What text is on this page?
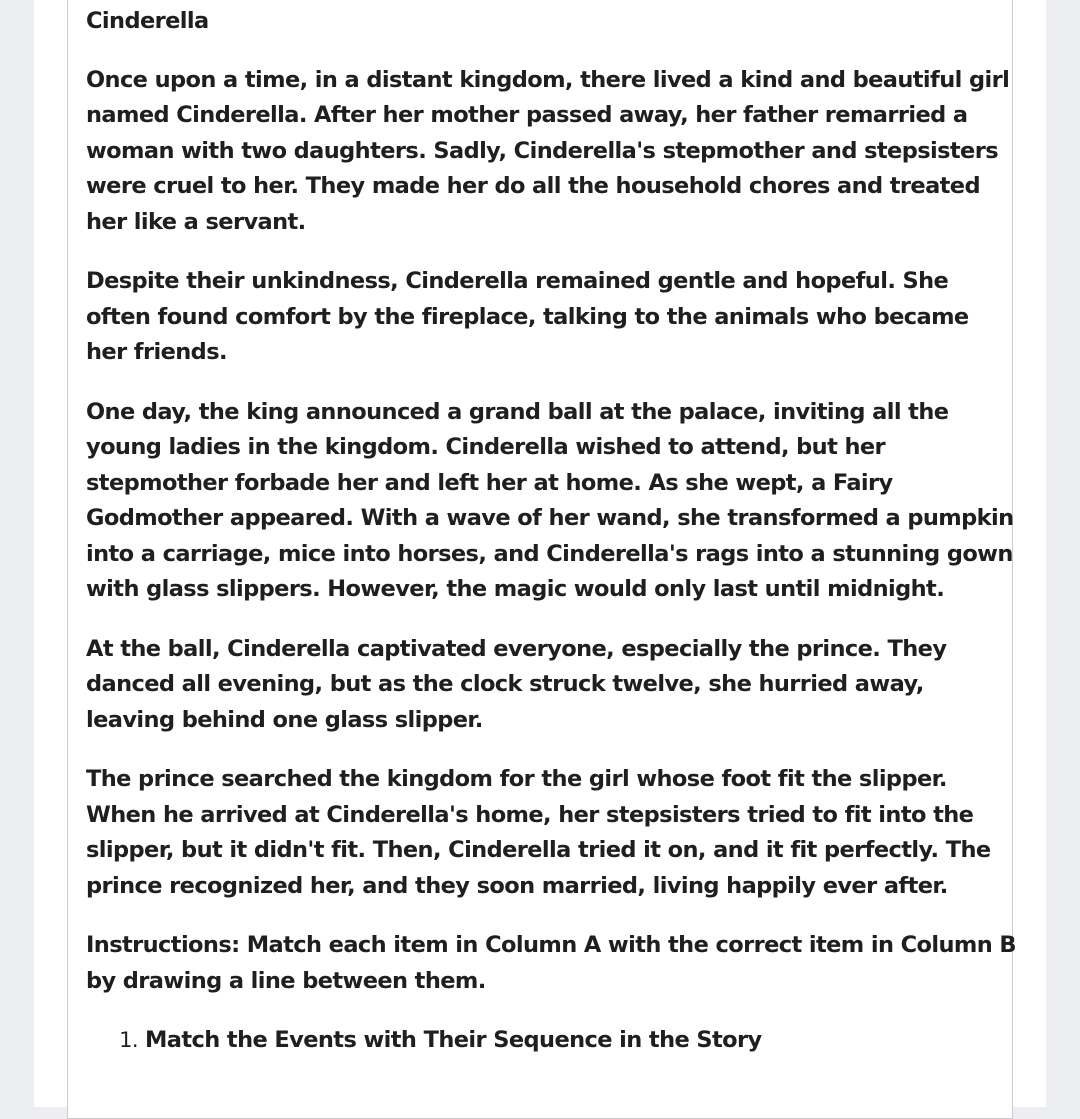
Cinderella

Once upon a time, in a distant kingdom, there lived a kind and beautiful girl named Cinderella. After her mother passed away, her father remarried a woman with two daughters. Sadly, Cinderella's stepmother and stepsisters were cruel to her. They made her do all the household chores and treated her like a servant.

Despite their unkindness, Cinderella remained gentle and hopeful. She often found comfort by the fireplace, talking to the animals who became her friends.

One day, the king announced a grand ball at the palace, inviting all the young ladies in the kingdom. Cinderella wished to attend, but her stepmother forbade her and left her at home. As she wept, a Fairy Godmother appeared. With a wave of her wand, she transformed a pumpkin into a carriage, mice into horses, and Cinderella's rags into a stunning gown with glass slippers. However, the magic would only last until midnight.

At the ball, Cinderella captivated everyone, especially the prince. They danced all evening, but as the clock struck twelve, she hurried away, leaving behind one glass slipper.

The prince searched the kingdom for the girl whose foot fit the slipper. When he arrived at Cinderella's home, her stepsisters tried to fit into the slipper, but it didn't fit. Then, Cinderella tried it on, and it fit perfectly. The prince recognized her, and they soon married, living happily ever after.

Instructions: Match each item in Column A with the correct item in Column B by drawing a line between them.

1. Match the Events with Their Sequence in the Story
